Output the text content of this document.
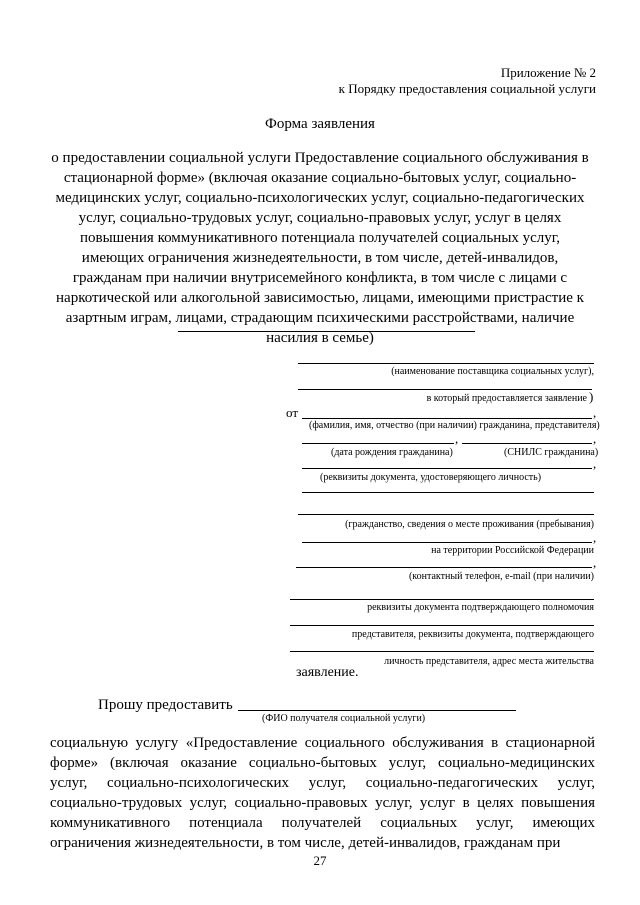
Приложение № 2
к Порядку предоставления социальной услуги
Форма заявления
о предоставлении социальной услуги Предоставление социального обслуживания в стационарной форме» (включая оказание социально-бытовых услуг, социально-медицинских услуг, социально-психологических услуг, социально-педагогических услуг, социально-трудовых услуг, социально-правовых услуг, услуг в целях повышения коммуникативного потенциала получателей социальных услуг, имеющих ограничения жизнедеятельности, в том числе, детей-инвалидов, гражданам при наличии внутрисемейного конфликта, в том числе с лицами с наркотической или алкогольной зависимостью, лицами, имеющими пристрастие к азартным играм, лицами, страдающим психическими расстройствами, наличие насилия в семье)
(наименование поставщика социальных услуг),
в который предоставляется заявление )
от	,
(фамилия, имя, отчество (при наличии) гражданина, представителя)
,	,
(дата рождения гражданина)	(СНИЛС гражданина)
,
(реквизиты документа, удостоверяющего личность)
(гражданство, сведения о месте проживания (пребывания)
,
на территории Российской Федерации
,
(контактный телефон, e-mail (при наличии)
реквизиты документа подтверждающего полномочия
представителя, реквизиты документа, подтверждающего
личность представителя, адрес места жительства
заявление.
Прошу предоставить
(ФИО получателя социальной услуги)
социальную услугу «Предоставление социального обслуживания в стационарной форме» (включая оказание социально-бытовых услуг, социально-медицинских услуг, социально-психологических услуг, социально-педагогических услуг, социально-трудовых услуг, социально-правовых услуг, услуг в целях повышения коммуникативного потенциала получателей социальных услуг, имеющих ограничения жизнедеятельности, в том числе, детей-инвалидов, гражданам при
27
